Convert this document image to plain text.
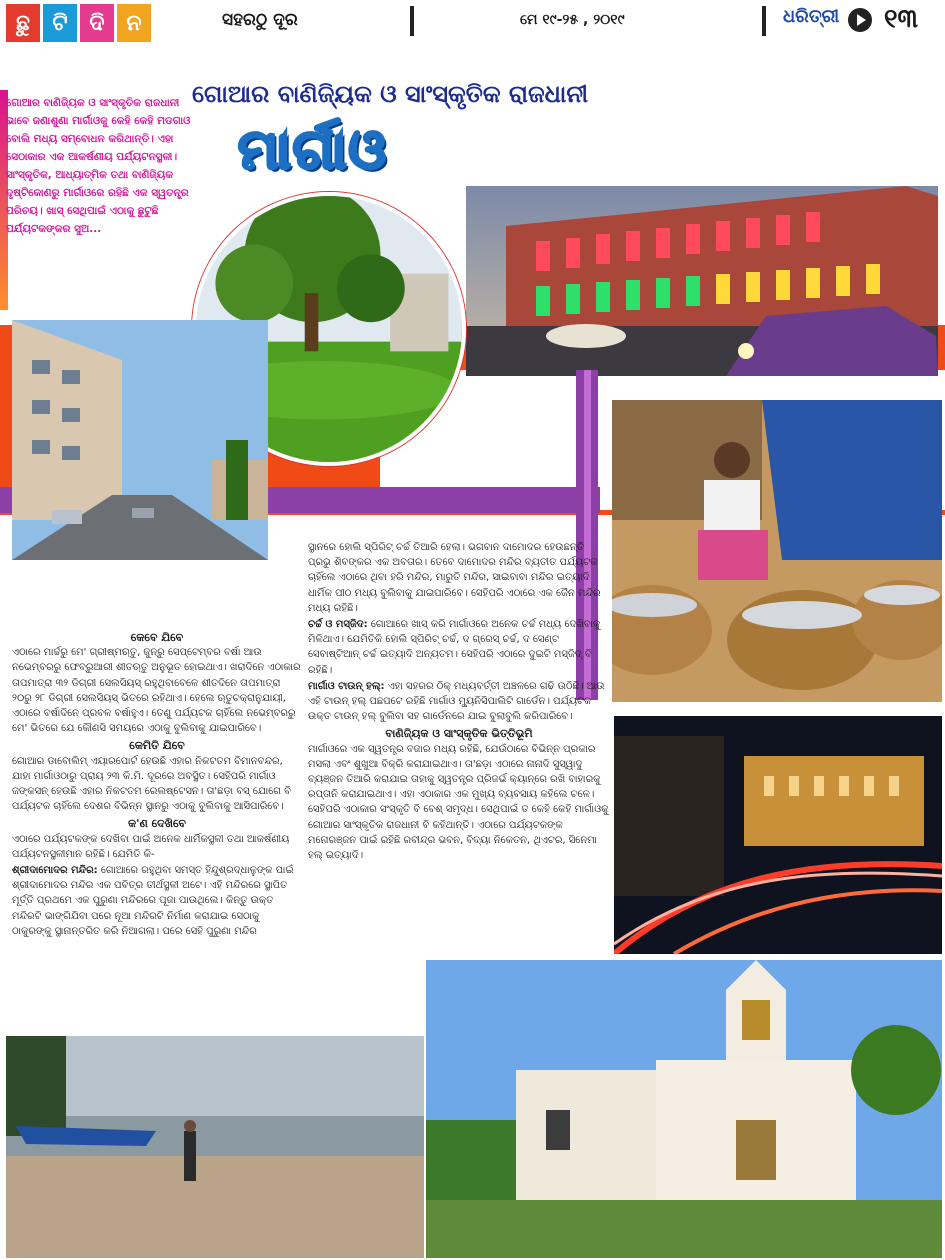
ଛୁ	ଟି ଦି ନ	ସହରଠୁ ଦୂର	ମେ ୧୯-୨୫ , ୨୦୧୯	ଧରିତ୍ରୀ ୧୩
ଗୋଆର ବାଣିଜ୍ୟିକ ଓ ସାଂସ୍କୃତିକ ରାଜଧାନୀ ଭାବେ ଜଣାଶୁଣା ମାର୍ଗାଓକୁ କେହି କେହି ମଡଗାଓ ବୋଲି ମଧ୍ୟ ସମ୍ବୋଧନ କରିଥାନ୍ତି। ଏହା ସେଠାକାର ଏକ ଆକର୍ଷଣୀୟ ପର୍ଯ୍ୟଟନସ୍ଥଳୀ। ସାଂସ୍କୃତିକ, ଆଧ୍ୟାତ୍ମିକ ତଥା ବାଣିଜ୍ୟିକ ଦୃଷ୍ଟିକୋଣରୁ ମାର୍ଗାଓରେ ରହିଛି ଏକ ସ୍ୱତନ୍ତ୍ର ପରିଚୟ। ଖାସ୍ ସେଥିପାଇଁ ଏଠାକୁ ଛୁଟୁଛି ପର୍ଯ୍ୟଟକଙ୍କର ସୁଅ...
ଗୋଆର ବାଣିଜ୍ୟିକ ଓ ସାଂସ୍କୃତିକ ରାଜଧାନୀ
ମାର୍ଗାଓ

କେବେ ଯିବେ

ଏଠାରେ ମାର୍ଚ୍ଚରୁ ମେ' ଗ୍ରୀଷ୍ମଋତୁ, ଜୁନ୍‌ରୁ ସେପ୍ଟେମ୍ବର ବର୍ଷା ଆଉ ନଭେମ୍ବରରୁ ଫେବ୍ରୁଆରୀ ଶୀତଋତୁ ଅନୁଭୂତ ହୋଇଥାଏ। ଖରାଦିନେ ଏଠାକାର ତାପମାତ୍ରା ୩୨ ଡିଗ୍ରୀ ସେଲସିୟସ୍ ରହୁଥିବାବେଳେ ଶୀତଦିନେ ତାପମାତ୍ରା ୨୦ରୁ ୨୮ ଡିଗ୍ରୀ ସେଲସିୟସ୍ ଭିତରେ ରହିଥାଏ। ହେଲେ ଋତୁଚକ୍ରାନୁଯାୟୀ, ଏଠାରେ ବର୍ଷାଦିନେ ପ୍ରବଳ ବର୍ଷାହୁଏ। ତେଣୁ ପର୍ଯ୍ୟଟକ ଚାହିଁଲେ ନଭେମ୍ବରରୁ ମେ' ଭିତରେ ଯେ କୌଣସି ସମୟରେ ଏଠାକୁ ବୁଲିବାକୁ ଯାଇପାରିବେ।

କେମିତି ଯିବେ

ଗୋଆର ଡାବୋଲିମ୍ ଏୟାରପୋର୍ଟ ହେଉଛି ଏହାର ନିକଟତମ ବିମାନବନ୍ଦର, ଯାହା ମାର୍ଗାଓଠାରୁ ପ୍ରାୟ ୨୩ କି.ମି. ଦୂରରେ ଅବସ୍ଥିତ। ସେହିପରି ମାର୍ଗାଓ ଜଙ୍କସନ୍ ହେଉଛି ଏହାର ନିକଟତମ ରେଲଷ୍ଟେସନ। ତା'ଛଡ଼ା ବସ୍ ଯୋଗେ ବି ପର୍ଯ୍ୟଟକ ଚାହିଁଲେ ଦେଶର ବିଭିନ୍ନ ସ୍ଥାନରୁ ଏଠାକୁ ବୁଲିବାକୁ ଆସିପାରିବେ।

କ'ଣ ଦେଖିବେ

ଏଠାରେ ପର୍ଯ୍ୟଟକଙ୍କ ଦେଖିବା ପାଇଁ ଅନେକ ଧାର୍ମିକସ୍ଥଳୀ ତଥା ଆକର୍ଷଣୀୟ ପର୍ଯ୍ୟଟନସ୍ଥଳୀମାନ ରହିଛି। ଯେମିତି କି-

ଶ୍ରୀଦାମୋଦର ମନ୍ଦିର: ଗୋଆରେ ରହୁଥିବା ସମସ୍ତ ହିନ୍ଦୁଶ୍ରଦ୍ଧାଳୁଙ୍କ ପାଇଁ ଶ୍ରୀଦାମୋଦର ମନ୍ଦିର ଏକ ପବିତ୍ର ତୀର୍ଥସ୍ଥଳୀ ଅଟେ। ଏହି ମନ୍ଦିରରେ ସ୍ଥାପିତ ମୂର୍ତ୍ତି ପ୍ରଥମେ ଏକ ପୁରୁଣା ମନ୍ଦିରରେ ପୂଜା ପାଉଥିଲେ। କିନ୍ତୁ ଉକ୍ତ ମନ୍ଦିରଟି ଭାଙ୍ଗିଯିବା ପରେ ନୂଆ ମନ୍ଦିରଟି ନିର୍ମାଣ କରାଯାଇ ସେଠାକୁ ଠାକୁରଙ୍କୁ ସ୍ଥାନାନ୍ତରିତ କରି ନିଆଗଲା। ପରେ ସେହି ପୁରୁଣା ମନ୍ଦିର

ସ୍ଥାନରେ ହୋଲି ସ୍ପିରିଟ୍ ଚର୍ଚ୍ଚ ତିଆରି ହେଲା। ଭଗବାନ ଦାମୋଦର ହେଉଛନ୍ତି ପ୍ରଭୁ ଶିବଙ୍କର ଏକ ଅବତାର। ତେବେ ଦାମୋଦର ମନ୍ଦିର ବ୍ୟତୀତ ପର୍ଯ୍ୟଟକ ଚାହିଁଲେ ଏଠାରେ ଥିବା ହରି ମନ୍ଦିର, ମାରୁତି ମନ୍ଦିର, ସାଇବାବା ମନ୍ଦିର ଇତ୍ୟାଦି ଧାର୍ମିକ ପୀଠ ମଧ୍ୟ ବୁଲିବାକୁ ଯାଇପାରିବେ। ସେହିପରି ଏଠାରେ ଏକ ଜୈନ ମନ୍ଦିର ମଧ୍ୟ ରହିଛି।

ଚର୍ଚ୍ଚ ଓ ମସ୍ଜିଦ: ଗୋଆରେ ଖାସ୍ କରି ମାର୍ଗାଓରେ ଅନେକ ଚର୍ଚ୍ଚ ମଧ୍ୟ ଦେଖିବାକୁ ମିଳିଥାଏ। ଯେମିତିକି ହୋଲି ସ୍ପିରିଟ୍ ଚର୍ଚ୍ଚ, ଦ ଗ୍ରେସ୍ ଚର୍ଚ୍ଚ, ଦ ସେଣ୍ଟ ସେବାଷ୍ଟିଆନ୍ ଚର୍ଚ୍ଚ ଇତ୍ୟାଦି ଅନ୍ୟତମ। ସେହିପରି ଏଠାରେ ଦୁଇଟି ମସ୍ଜିଦ୍ ବି ରହିଛି।

ମାର୍ଗାଓ ଟାଉନ୍ ହଲ୍: ଏହା ସହରର ଠିକ୍ ମଧ୍ୟବର୍ତ୍ତୀ ଅଞ୍ଚଳରେ ଗଢି ଉଠିଛି। ଆଉ ଏହି ଟାଉନ୍ ହଲ୍ ପଛପଟେ ରହିଛି ମାର୍ଗାଓ ମ୍ୟୁନିସିପାଲିଟି ଗାର୍ଡେନ। ପର୍ଯ୍ୟଟକ ଉକ୍ତ ଟାଉନ୍ ହଲ୍ ବୁଲିବା ସହ ଗାର୍ଡେନରେ ଯାଇ ବୁଲାବୁଲି କରିପାରିବେ।

ବାଣିଜ୍ୟିକ ଓ ସାଂସ୍କୃତିକ ଭିତ୍ତିଭୂମି

ମାର୍ଗାଓରେ ଏକ ସ୍ୱତନ୍ତ୍ର ବଜାର ମଧ୍ୟ ରହିଛି, ଯେଉଁଠାରେ ବିଭିନ୍ନ ପ୍ରକାର ମସଲା ଏବଂ ଶୁଖୁଆ ବିକ୍ରି କରାଯାଇଥାଏ। ତା'ଛଡ଼ା ଏଠାରେ ନାନାଦି ସୁସ୍ୱାଦୁ ବ୍ୟଞ୍ଜନ ତିଆରି କରାଯାଇ ତାହାକୁ ସ୍ୱତନ୍ତ୍ର ପ୍ରିଜର୍ଭ କ୍ୟାନ୍‌ରେ ରଖି ବାହାରକୁ ରପ୍ତାନି କରାଯାଇଥାଏ। ଏହା ଏଠାକାର ଏକ ମୁଖ୍ୟ ବ୍ୟବସାୟ କହିଲେ ଚଳେ। ସେହିପରି ଏଠାକାର ସଂସ୍କୃତି ବି ବେଶ୍ ସମୃଦ୍ଧ। ସେଥିପାଇଁ ତ କେହି କେହି ମାର୍ଗାଓକୁ ଗୋଆର ସାଂସ୍କୃତିକ ରାଜଧାନୀ ବି କହିଥାନ୍ତି। ଏଠାରେ ପର୍ଯ୍ୟଟକଙ୍କ ମନୋରଞ୍ଜନ ପାଇଁ ରହିଛି ରବୀନ୍ଦ୍ର ଭବନ, ବିଦ୍ୟା ନିକେତନ, ଥିଏଟର, ସିନେମା ହଲ୍ ଇତ୍ୟାଦି।
